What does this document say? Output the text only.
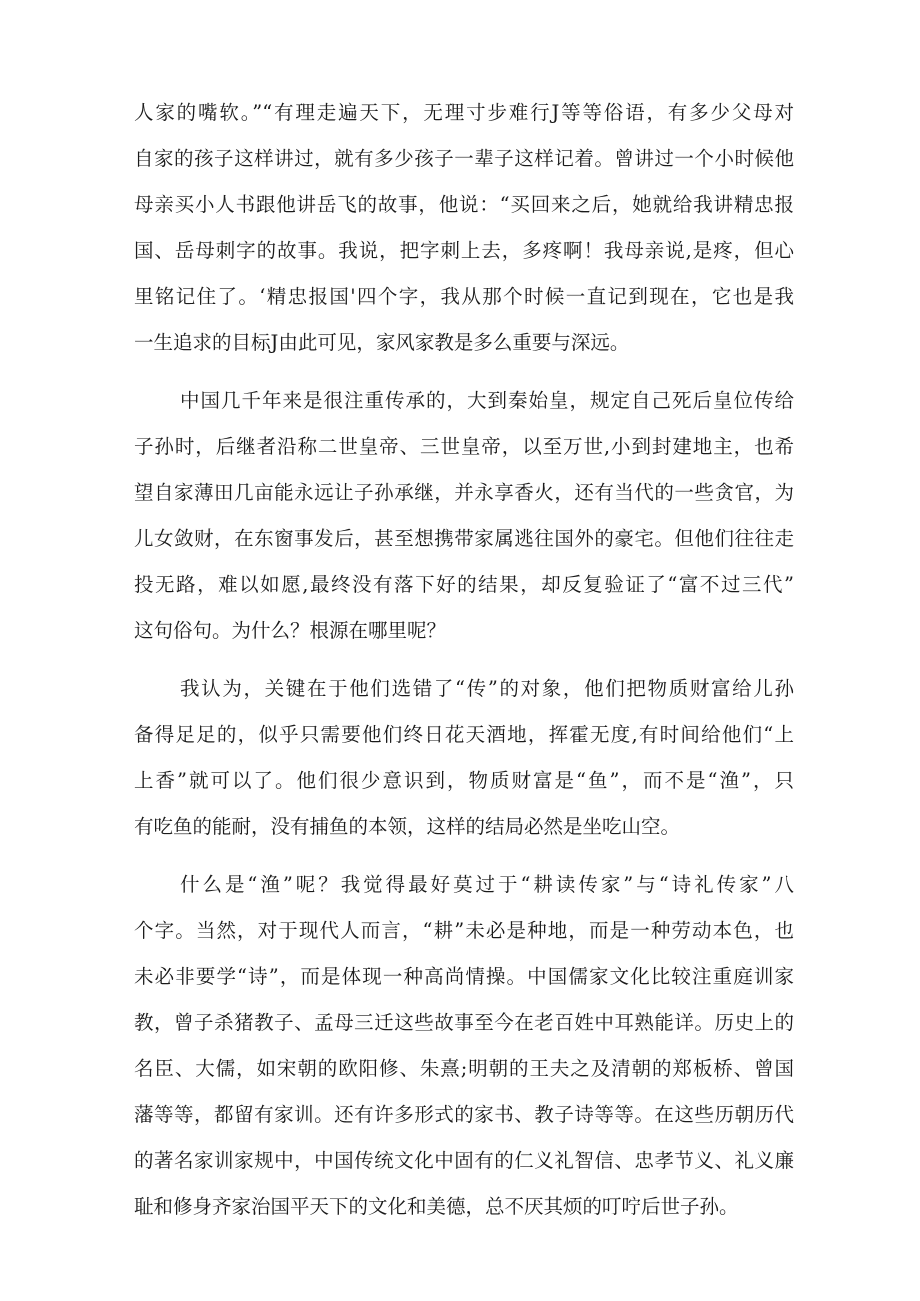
人家的嘴软。”“有理走遍天下，无理寸步难行J等等俗语，有多少父母对
自家的孩子这样讲过，就有多少孩子一辈子这样记着。曾讲过一个小时候他
母亲买小人书跟他讲岳飞的故事，他说：“买回来之后，她就给我讲精忠报
国、岳母刺字的故事。我说，把字刺上去，多疼啊！我母亲说,是疼，但心
里铭记住了。‘精忠报国'四个字，我从那个时候一直记到现在，它也是我
一生追求的目标J由此可见，家风家教是多么重要与深远。
中国几千年来是很注重传承的，大到秦始皇，规定自己死后皇位传给
子孙时，后继者沿称二世皇帝、三世皇帝，以至万世,小到封建地主，也希
望自家薄田几亩能永远让子孙承继，并永享香火，还有当代的一些贪官，为
儿女敛财，在东窗事发后，甚至想携带家属逃往国外的豪宅。但他们往往走
投无路，难以如愿,最终没有落下好的结果，却反复验证了“富不过三代”
这句俗句。为什么？根源在哪里呢？
我认为，关键在于他们选错了“传”的对象，他们把物质财富给儿孙
备得足足的，似乎只需要他们终日花天酒地，挥霍无度,有时间给他们“上
上香”就可以了。他们很少意识到，物质财富是“鱼”，而不是“渔”，只
有吃鱼的能耐，没有捕鱼的本领，这样的结局必然是坐吃山空。
什么是“渔”呢？我觉得最好莫过于“耕读传家”与“诗礼传家”八
个字。当然，对于现代人而言，“耕”未必是种地，而是一种劳动本色，也
未必非要学“诗”，而是体现一种高尚情操。中国儒家文化比较注重庭训家
教，曾子杀猪教子、孟母三迁这些故事至今在老百姓中耳熟能详。历史上的
名臣、大儒，如宋朝的欧阳修、朱熹;明朝的王夫之及清朝的郑板桥、曾国
藩等等，都留有家训。还有许多形式的家书、教子诗等等。在这些历朝历代
的著名家训家规中，中国传统文化中固有的仁义礼智信、忠孝节义、礼义廉
耻和修身齐家治国平天下的文化和美德，总不厌其烦的叮咛后世子孙。
